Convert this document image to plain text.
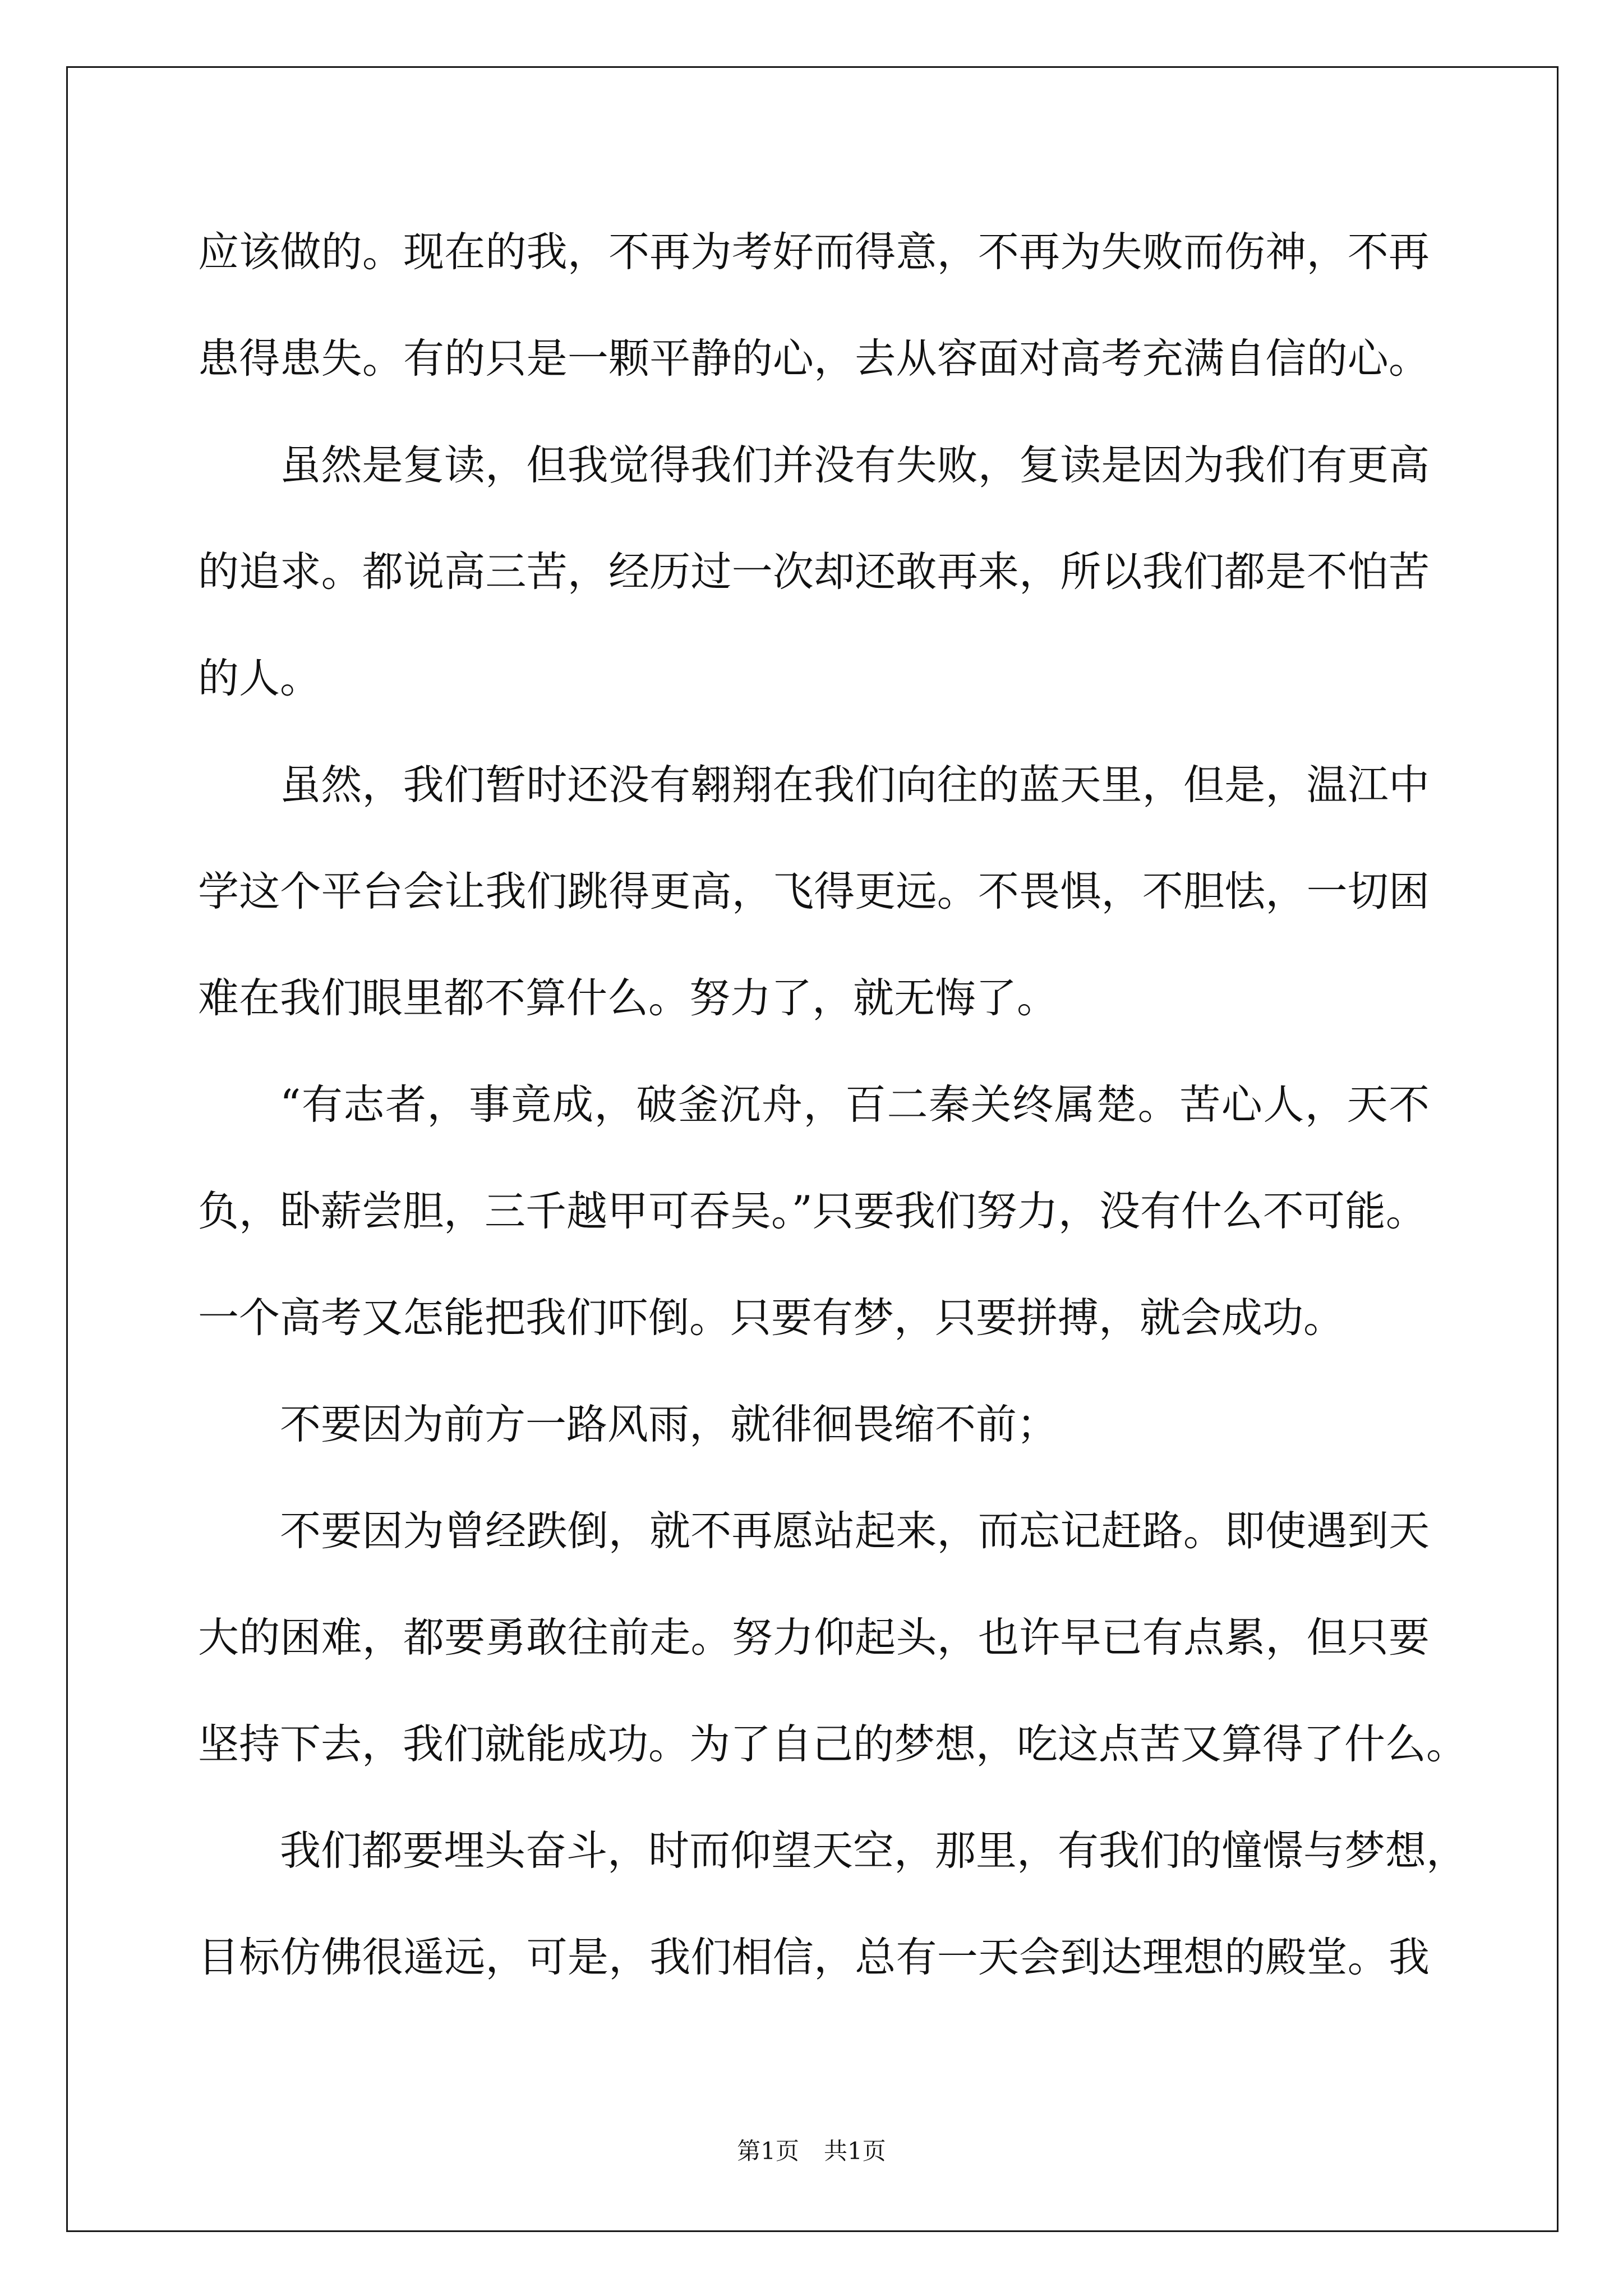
应该做的。现在的我，不再为考好而得意，不再为失败而伤神，不再
患得患失。有的只是一颗平静的心，去从容面对高考充满自信的心。
虽然是复读，但我觉得我们并没有失败，复读是因为我们有更高
的追求。都说高三苦，经历过一次却还敢再来，所以我们都是不怕苦
的人。
虽然，我们暂时还没有翱翔在我们向往的蓝天里，但是，温江中
学这个平台会让我们跳得更高，飞得更远。不畏惧，不胆怯，一切困
难在我们眼里都不算什么。努力了，就无悔了。
“有志者，事竟成，破釜沉舟，百二秦关终属楚。苦心人，天不
负，卧薪尝胆，三千越甲可吞吴。”只要我们努力，没有什么不可能。
一个高考又怎能把我们吓倒。只要有梦，只要拼搏，就会成功。
不要因为前方一路风雨，就徘徊畏缩不前；
不要因为曾经跌倒，就不再愿站起来，而忘记赶路。即使遇到天
大的困难，都要勇敢往前走。努力仰起头，也许早已有点累，但只要
坚持下去，我们就能成功。为了自己的梦想，吃这点苦又算得了什么。
我们都要埋头奋斗，时而仰望天空，那里，有我们的憧憬与梦想，
目标仿佛很遥远，可是，我们相信，总有一天会到达理想的殿堂。我
第1页 共1页
